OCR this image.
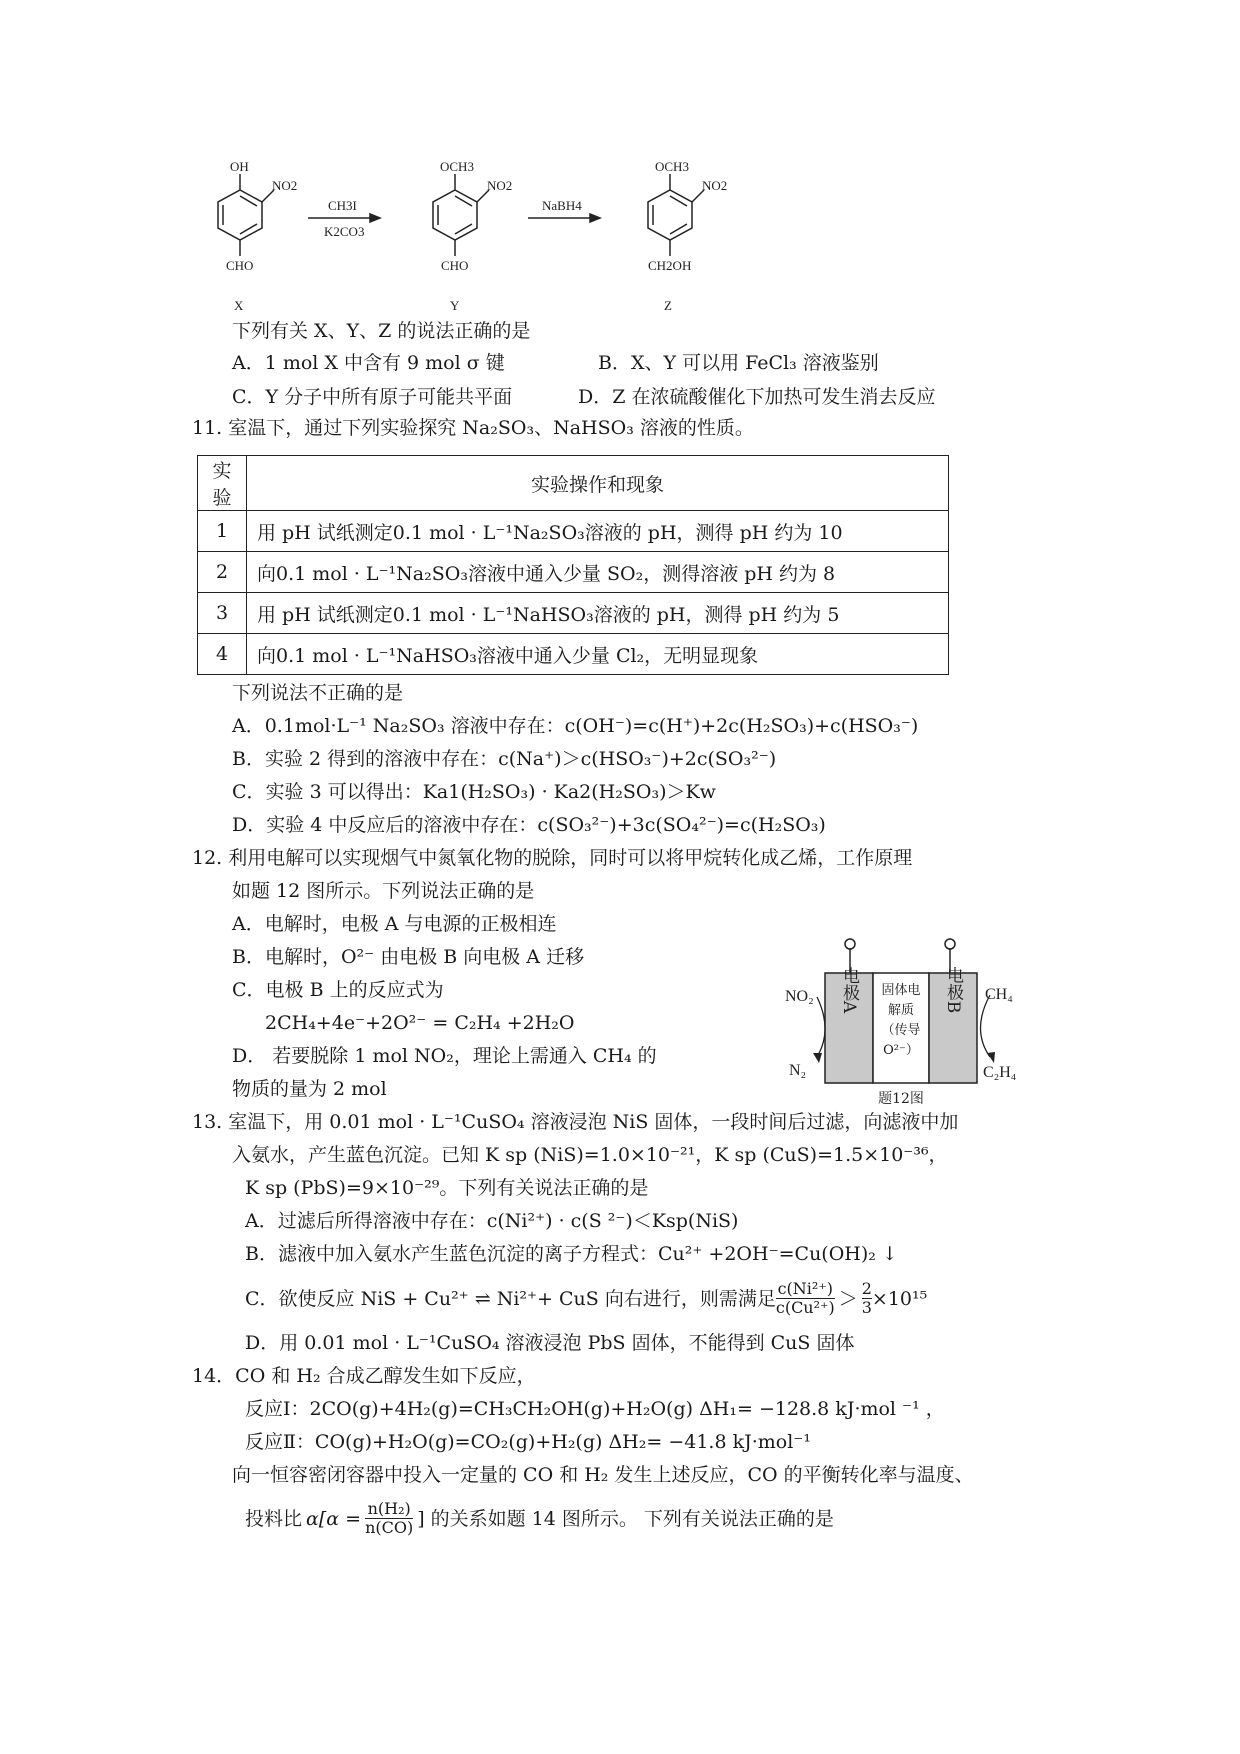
OH
NO2
CHO
X
OCH3
NO2
CHO
Y
OCH3
NO2
CH2OH
Z
CH3I
K2CO3
NaBH4
下列有关 X、Y、Z 的说法正确的是
A．1 mol X 中含有 9 mol σ 键	B．X、Y 可以用 FeCl₃ 溶液鉴别
C．Y 分子中所有原子可能共平面	D．Z 在浓硫酸催化下加热可发生消去反应
11. 室温下，通过下列实验探究 Na₂SO₃、NaHSO₃ 溶液的性质。
实验	实验操作和现象
1	用 pH 试纸测定0.1 mol · L⁻¹Na₂SO₃溶液的 pH，测得 pH 约为 10
2	向0.1 mol · L⁻¹Na₂SO₃溶液中通入少量 SO₂，测得溶液 pH 约为 8
3	用 pH 试纸测定0.1 mol · L⁻¹NaHSO₃溶液的 pH，测得 pH 约为 5
4	向0.1 mol · L⁻¹NaHSO₃溶液中通入少量 Cl₂，无明显现象
下列说法不正确的是
A．0.1mol·L⁻¹ Na₂SO₃ 溶液中存在：c(OH⁻)=c(H⁺)+2c(H₂SO₃)+c(HSO₃⁻)
B．实验 2 得到的溶液中存在：c(Na⁺)＞c(HSO₃⁻)+2c(SO₃²⁻)
C．实验 3 可以得出：Ka1(H₂SO₃) · Ka2(H₂SO₃)＞Kw
D．实验 4 中反应后的溶液中存在：c(SO₃²⁻)+3c(SO₄²⁻)=c(H₂SO₃)
12. 利用电解可以实现烟气中氮氧化物的脱除，同时可以将甲烷转化成乙烯，工作原理
如题 12 图所示。下列说法正确的是
A．电解时，电极 A 与电源的正极相连
B．电解时，O²⁻ 由电极 B 向电极 A 迁移
C．电极 B 上的反应式为
2CH₄+4e⁻+2O²⁻ = C₂H₄ +2H₂O
D． 若要脱除 1 mol NO₂，理论上需通入 CH₄ 的
物质的量为 2 mol
电极A	电极B
固体电解质（传导O²⁻）
NO₂
N₂
CH₄
C₂H₄
题12图
13. 室温下，用 0.01 mol · L⁻¹CuSO₄ 溶液浸泡 NiS 固体，一段时间后过滤，向滤液中加
入氨水，产生蓝色沉淀。已知 K sp (NiS)=1.0×10⁻²¹，K sp (CuS)=1.5×10⁻³⁶，
K sp (PbS)=9×10⁻²⁹。下列有关说法正确的是
A．过滤后所得溶液中存在：c(Ni²⁺) · c(S ²⁻)＜Ksp(NiS)
B．滤液中加入氨水产生蓝色沉淀的离子方程式：Cu²⁺ +2OH⁻=Cu(OH)₂ ↓
C．欲使反应 NiS + Cu²⁺ ⇌ Ni²⁺+ CuS 向右进行，则需满足 $\frac{\text{c(Ni²⁺)}}{\text{c(Cu²⁺)}} > \frac{2}{3} \times 10^{15}$
D．用 0.01 mol · L⁻¹CuSO₄ 溶液浸泡 PbS 固体，不能得到 CuS 固体
14．CO 和 H₂ 合成乙醇发生如下反应，
反应Ⅰ：2CO(g)+4H₂(g)=CH₃CH₂OH(g)+H₂O(g) ΔH₁= −128.8 kJ·mol ⁻¹ ，
反应Ⅱ：CO(g)+H₂O(g)=CO₂(g)+H₂(g) ΔH₂= −41.8 kJ·mol⁻¹
向一恒容密闭容器中投入一定量的 CO 和 H₂ 发生上述反应，CO 的平衡转化率与温度、
投料比 $\alpha[\alpha = \frac{\text{n(H₂)}}{n(CO)}$ ] 的关系如题 14 图所示。 下列有关说法正确的是
